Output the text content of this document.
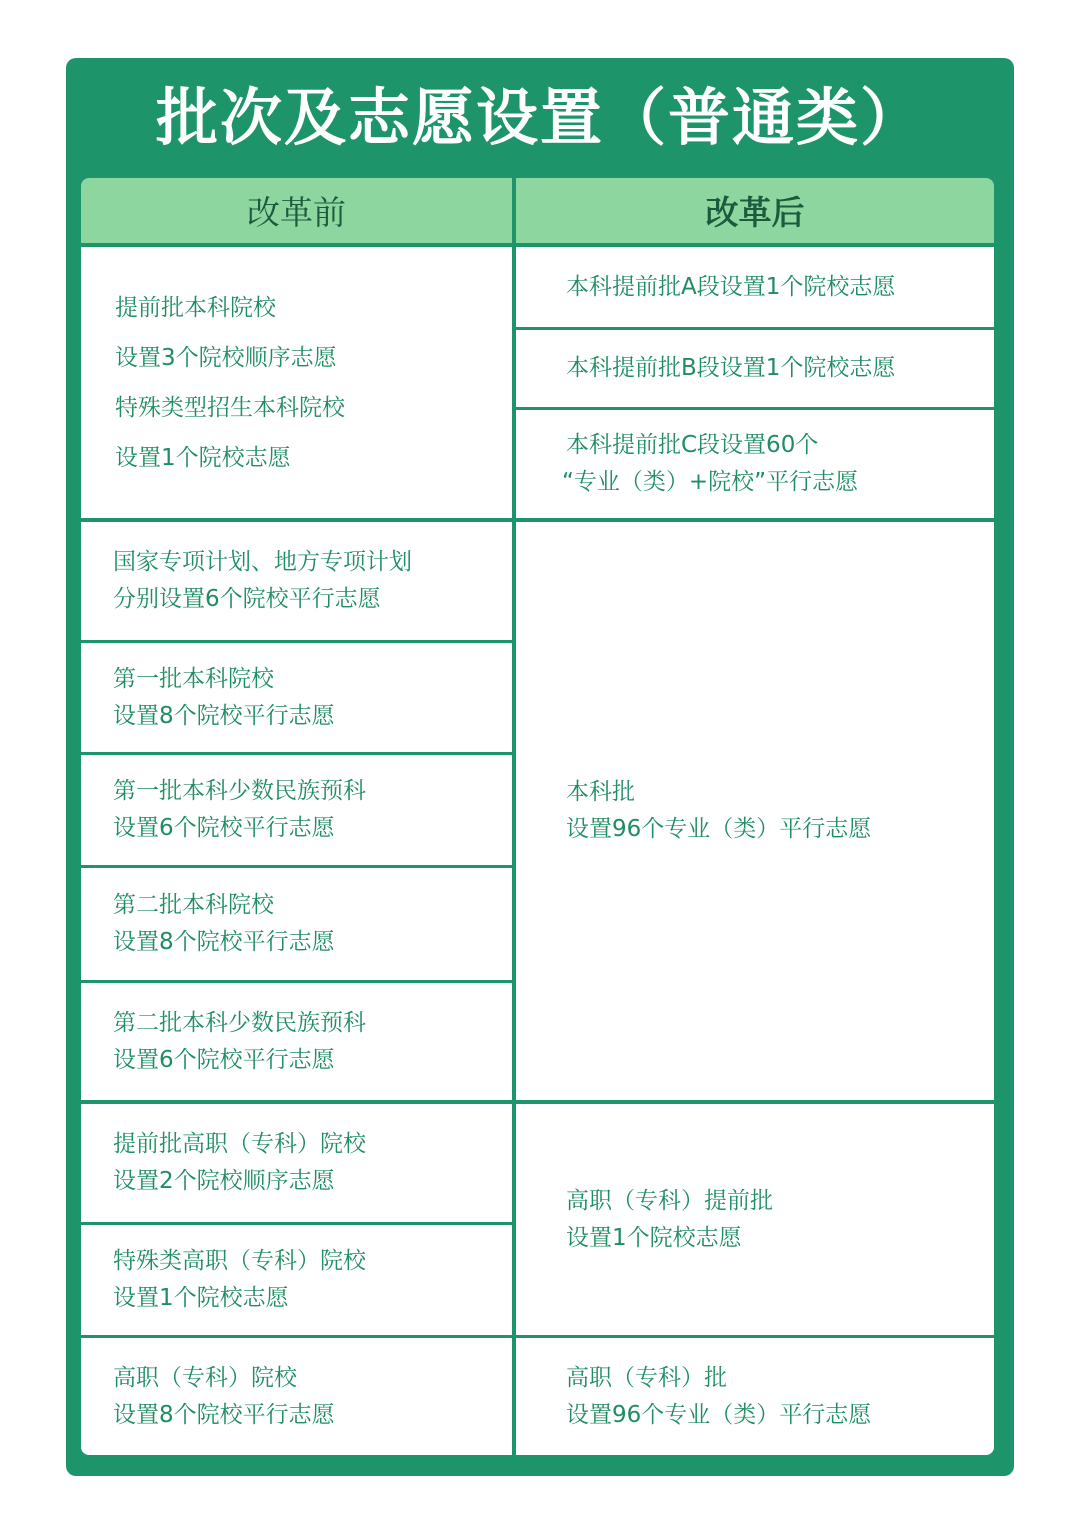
批次及志愿设置（普通类）
改革前	改革后
提前批本科院校
设置3个院校顺序志愿
特殊类型招生本科院校
设置1个院校志愿
国家专项计划、地方专项计划
分别设置6个院校平行志愿
第一批本科院校
设置8个院校平行志愿
第一批本科少数民族预科
设置6个院校平行志愿
第二批本科院校
设置8个院校平行志愿
第二批本科少数民族预科
设置6个院校平行志愿
提前批高职（专科）院校
设置2个院校顺序志愿
特殊类高职（专科）院校
设置1个院校志愿
高职（专科）院校
设置8个院校平行志愿
本科提前批A段设置1个院校志愿
本科提前批B段设置1个院校志愿
本科提前批C段设置60个
“专业（类）+院校”平行志愿
本科批
设置96个专业（类）平行志愿
高职（专科）提前批
设置1个院校志愿
高职（专科）批
设置96个专业（类）平行志愿
